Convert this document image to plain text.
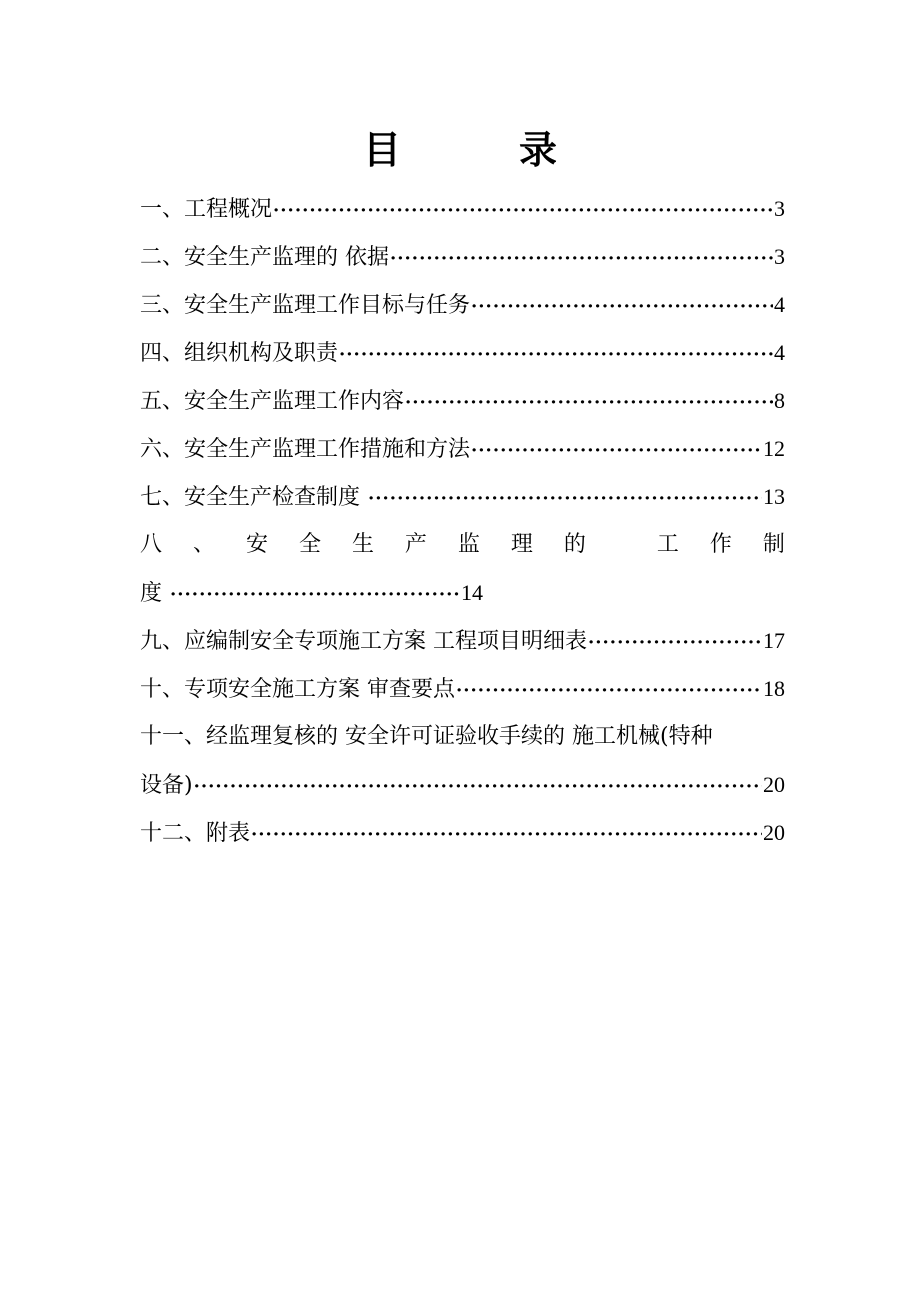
目　录
一、工程概况 ·····	3
二、安全生产监理的 依据 ·····	3
三、安全生产监理工作目标与任务 ·····	4
四、组织机构及职责 ·····	4
五、安全生产监理工作内容 ·····	8
六、安全生产监理工作措施和方法 ·····	12
七、安全生产检查制度 ·····	13
八 、 安 全 生 产 监 理 的	工 作 制
度 ·····	14
九、应编制安全专项施工方案 工程项目明细表 ·····	17
十、专项安全施工方案 审查要点 ·····	18
十一、经监理复核的 安全许可证验收手续的 施工机械(特种
设备) ·····	20
十二、附表 ·····	20
